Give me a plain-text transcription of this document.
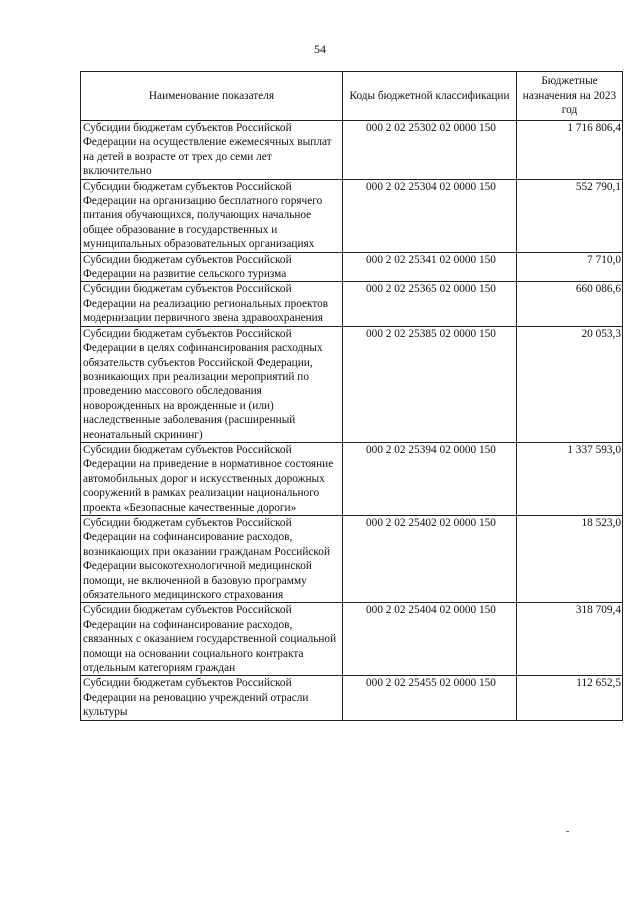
54
Наименование показателя	Коды бюджетной классификации	Бюджетные назначения на 2023 год
Субсидии бюджетам субъектов Российской Федерации на осуществление ежемесячных выплат на детей в возрасте от трех до семи лет включительно	000 2 02 25302 02 0000 150	1 716 806,4
Субсидии бюджетам субъектов Российской Федерации на организацию бесплатного горячего питания обучающихся, получающих начальное общее образование в государственных и муниципальных образовательных организациях	000 2 02 25304 02 0000 150	552 790,1
Субсидии бюджетам субъектов Российской Федерации на развитие сельского туризма	000 2 02 25341 02 0000 150	7 710,0
Субсидии бюджетам субъектов Российской Федерации на реализацию региональных проектов модернизации первичного звена здравоохранения	000 2 02 25365 02 0000 150	660 086,6
Субсидии бюджетам субъектов Российской Федерации в целях софинансирования расходных обязательств субъектов Российской Федерации, возникающих при реализации мероприятий по проведению массового обследования новорожденных на врожденные и (или) наследственные заболевания (расширенный неонатальный скрининг)	000 2 02 25385 02 0000 150	20 053,3
Субсидии бюджетам субъектов Российской Федерации на приведение в нормативное состояние автомобильных дорог и искусственных дорожных сооружений в рамках реализации национального проекта «Безопасные качественные дороги»	000 2 02 25394 02 0000 150	1 337 593,0
Субсидии бюджетам субъектов Российской Федерации на софинансирование расходов, возникающих при оказании гражданам Российской Федерации высокотехнологичной медицинской помощи, не включенной в базовую программу обязательного медицинского страхования	000 2 02 25402 02 0000 150	18 523,0
Субсидии бюджетам субъектов Российской Федерации на софинансирование расходов, связанных с оказанием государственной социальной помощи на основании социального контракта отдельным категориям граждан	000 2 02 25404 02 0000 150	318 709,4
Субсидии бюджетам субъектов Российской Федерации на реновацию учреждений отрасли культуры	000 2 02 25455 02 0000 150	112 652,5
-
